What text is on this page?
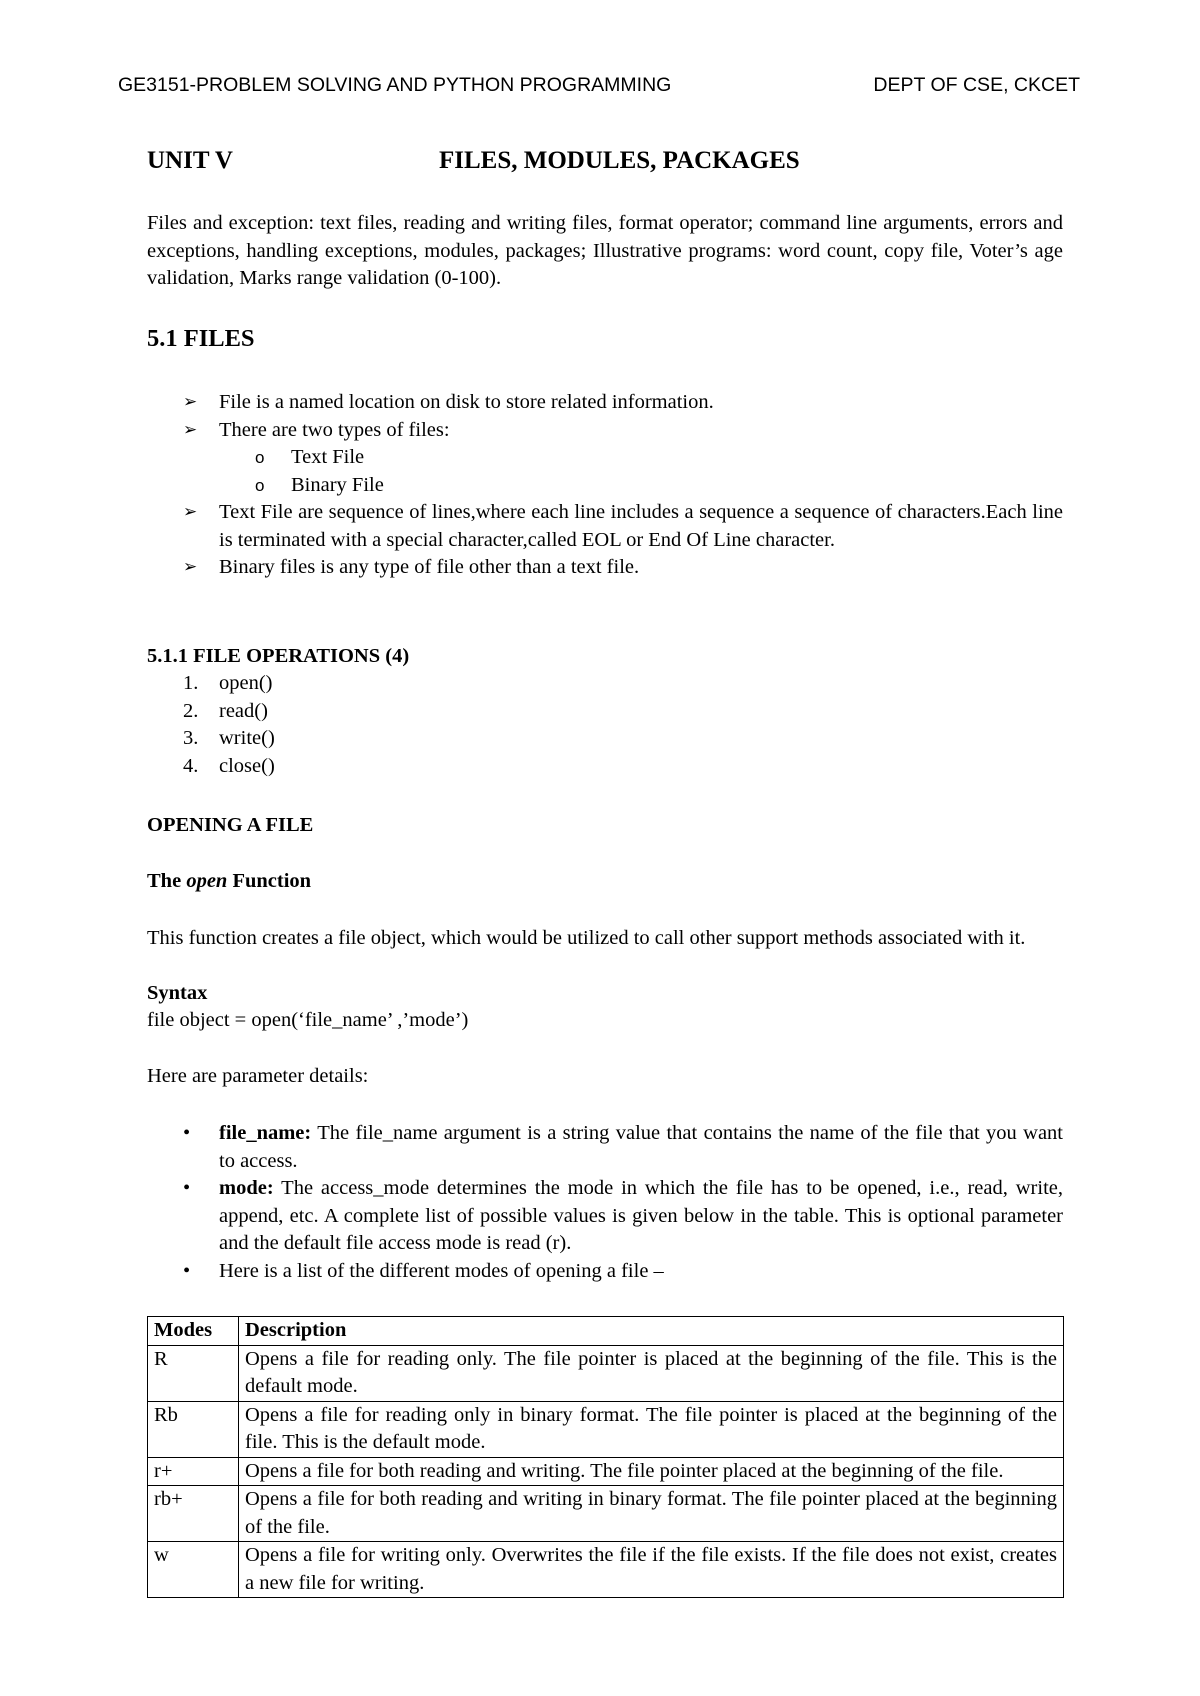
GE3151-PROBLEM SOLVING AND PYTHON PROGRAMMING	DEPT OF CSE, CKCET
UNIT V	FILES, MODULES, PACKAGES
Files and exception: text files, reading and writing files, format operator; command line arguments, errors and exceptions, handling exceptions, modules, packages; Illustrative programs: word count, copy file, Voter’s age validation, Marks range validation (0-100).
5.1 FILES
➢ File is a named location on disk to store related information.
➢ There are two types of files:
o Text File
o Binary File
➢ Text File are sequence of lines,where each line includes a sequence a sequence of characters.Each line is terminated with a special character,called EOL or End Of Line character.
➢ Binary files is any type of file other than a text file.
5.1.1 FILE OPERATIONS (4)
1. open()
2. read()
3. write()
4. close()
OPENING A FILE
The open Function
This function creates a file object, which would be utilized to call other support methods associated with it.
Syntax
file object = open(‘file_name’ ,’mode’)
Here are parameter details:
• file_name: The file_name argument is a string value that contains the name of the file that you want to access.
• mode: The access_mode determines the mode in which the file has to be opened, i.e., read, write, append, etc. A complete list of possible values is given below in the table. This is optional parameter and the default file access mode is read (r).
• Here is a list of the different modes of opening a file –
Modes	Description
R	Opens a file for reading only. The file pointer is placed at the beginning of the file. This is the default mode.
Rb	Opens a file for reading only in binary format. The file pointer is placed at the beginning of the file. This is the default mode.
r+	Opens a file for both reading and writing. The file pointer placed at the beginning of the file.
rb+	Opens a file for both reading and writing in binary format. The file pointer placed at the beginning of the file.
w	Opens a file for writing only. Overwrites the file if the file exists. If the file does not exist, creates a new file for writing.
